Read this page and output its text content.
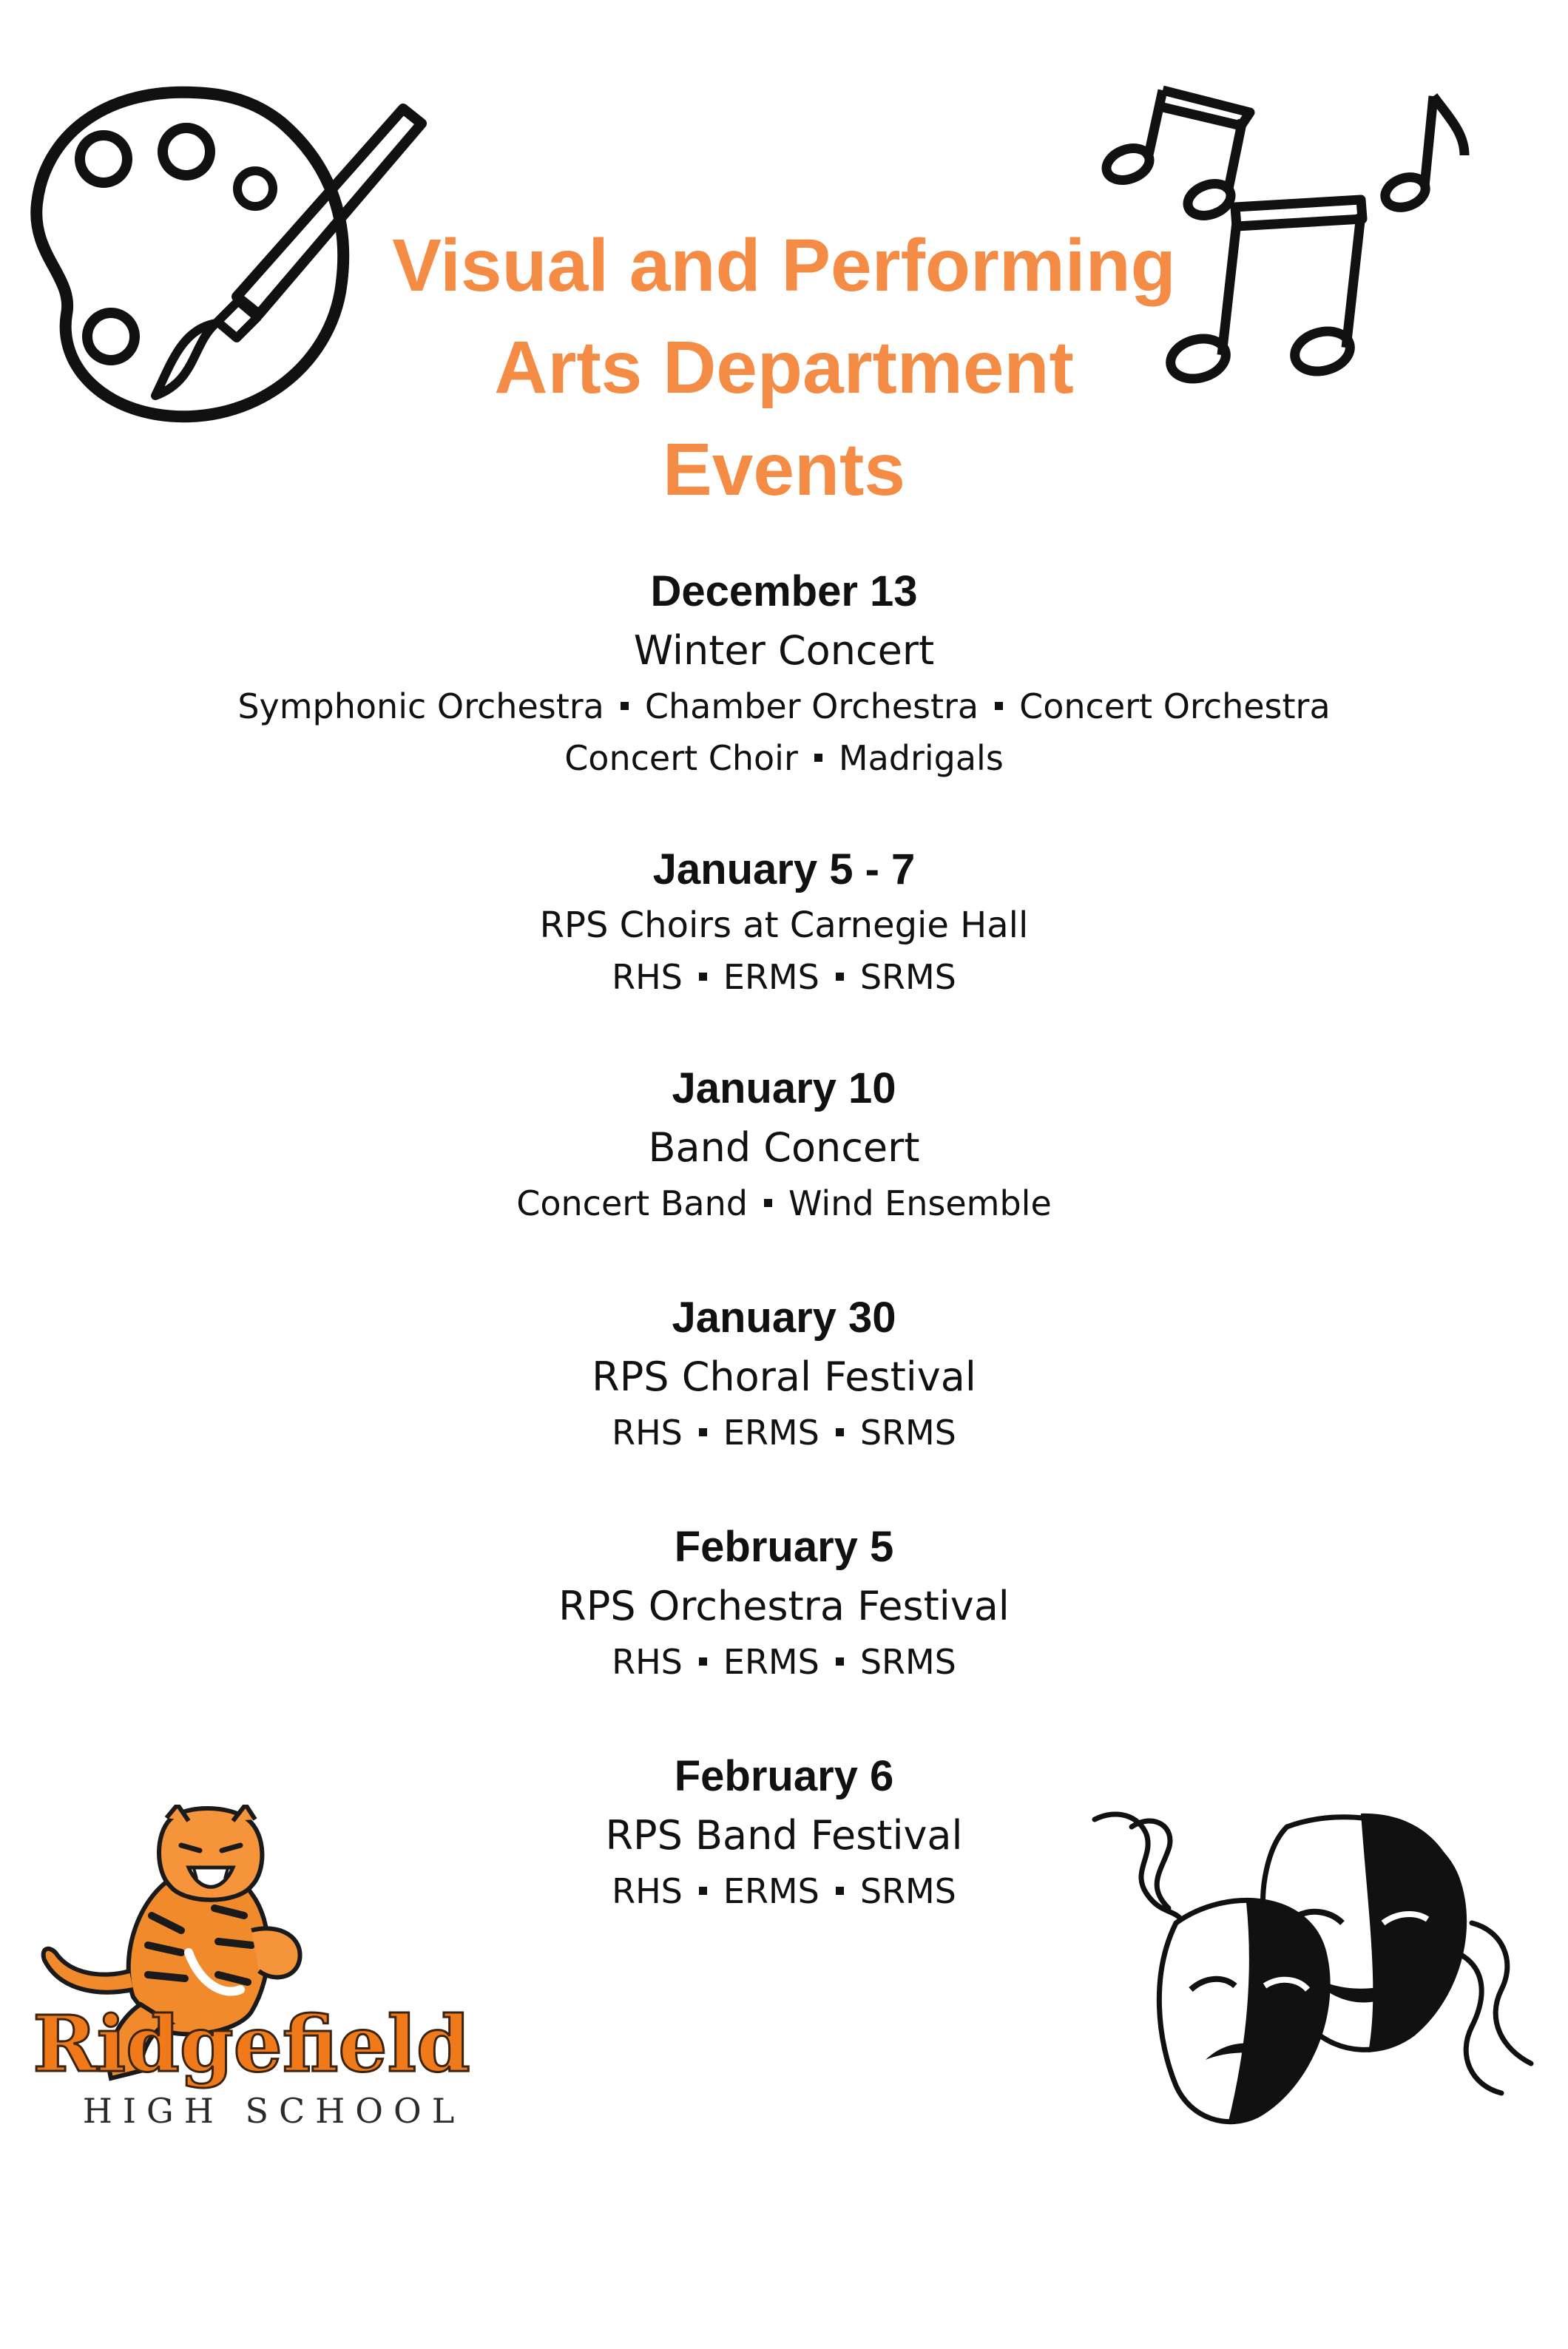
Visual and Performing
Arts Department
Events
December 13
Winter Concert
Symphonic Orchestra Chamber Orchestra Concert Orchestra
Concert Choir Madrigals
January 5 - 7
RPS Choirs at Carnegie Hall
RHS ERMS SRMS
January 10
Band Concert
Concert Band Wind Ensemble
January 30
RPS Choral Festival
RHS ERMS SRMS
February 5
RPS Orchestra Festival
RHS ERMS SRMS
February 6
RPS Band Festival
RHS ERMS SRMS
Ridgefield
HIGH SCHOOL
